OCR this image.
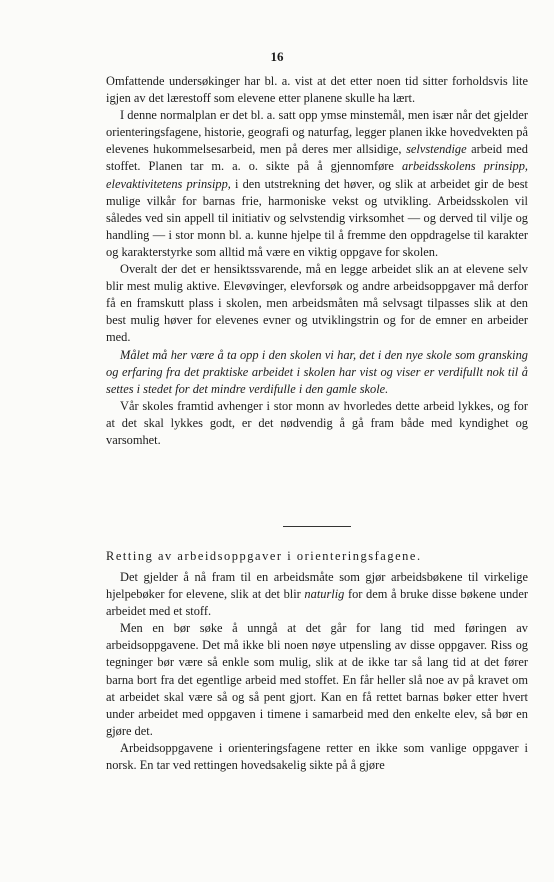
16

Omfattende undersøkinger har bl. a. vist at det etter noen tid sitter forholdsvis lite igjen av det lærestoff som elevene etter planene skulle ha lært.

I denne normalplan er det bl. a. satt opp ymse minstemål, men især når det gjelder orienteringsfagene, historie, geografi og naturfag, legger planen ikke hovedvekten på elevenes hukommelsesarbeid, men på deres mer allsidige, selvstendige arbeid med stoffet. Planen tar m. a. o. sikte på å gjennomføre arbeidsskolens prinsipp, elevaktivitetens prinsipp, i den utstrekning det høver, og slik at arbeidet gir de best mulige vilkår for barnas frie, harmoniske vekst og utvikling. Arbeidsskolen vil således ved sin appell til initiativ og selvstendig virksomhet — og derved til vilje og handling — i stor monn bl. a. kunne hjelpe til å fremme den oppdragelse til karakter og karakterstyrke som alltid må være en viktig oppgave for skolen.

Overalt der det er hensiktssvarende, må en legge arbeidet slik an at elevene selv blir mest mulig aktive. Elevøvinger, elevforsøk og andre arbeidsoppgaver må derfor få en framskutt plass i skolen, men arbeidsmåten må selvsagt tilpasses slik at den best mulig høver for elevenes evner og utviklingstrin og for de emner en arbeider med.

Målet må her være å ta opp i den skolen vi har, det i den nye skole som gransking og erfaring fra det praktiske arbeidet i skolen har vist og viser er verdifullt nok til å settes i stedet for det mindre verdifulle i den gamle skole.

Vår skoles framtid avhenger i stor monn av hvorledes dette arbeid lykkes, og for at det skal lykkes godt, er det nødvendig å gå fram både med kyndighet og varsomhet.

Retting av arbeidsoppgaver i orienteringsfagene.

Det gjelder å nå fram til en arbeidsmåte som gjør arbeidsbøkene til virkelige hjelpebøker for elevene, slik at det blir naturlig for dem å bruke disse bøkene under arbeidet med et stoff.

Men en bør søke å unngå at det går for lang tid med føringen av arbeidsoppgavene. Det må ikke bli noen nøye utpensling av disse oppgaver. Riss og tegninger bør være så enkle som mulig, slik at de ikke tar så lang tid at det fører barna bort fra det egentlige arbeid med stoffet. En får heller slå noe av på kravet om at arbeidet skal være så og så pent gjort. Kan en få rettet barnas bøker etter hvert under arbeidet med oppgaven i timene i samarbeid med den enkelte elev, så bør en gjøre det.

Arbeidsoppgavene i orienteringsfagene retter en ikke som vanlige oppgaver i norsk. En tar ved rettingen hovedsakelig sikte på å gjøre
